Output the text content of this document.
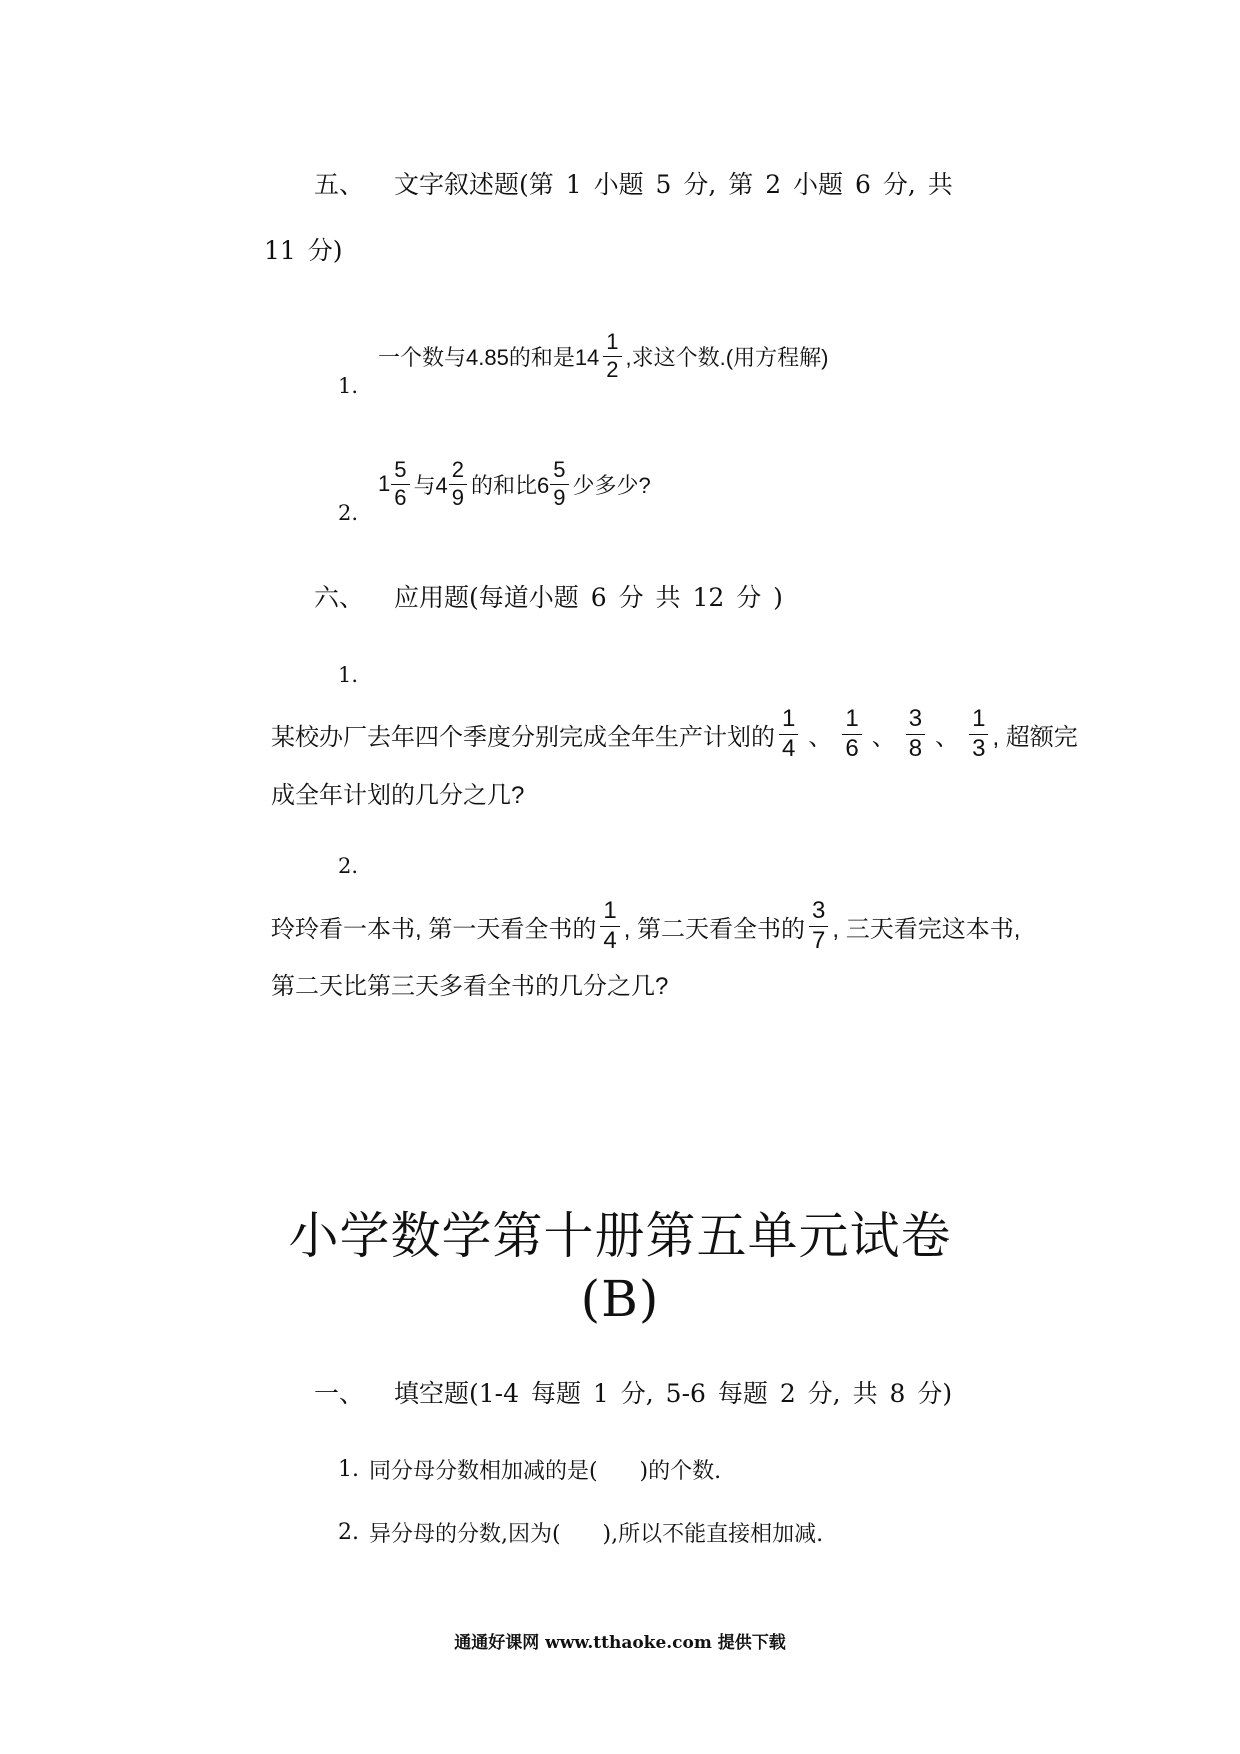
五、 文字叙述题(第 1 小题 5 分, 第 2 小题 6 分, 共
11 分)
1.
一个数与4.85的和是$14 \frac{1}{2}$ ,求这个数.(用方程解)
2.
$1 \frac{5}{6}$ 与$4 \frac{2}{9}$ 的和比$6 \frac{5}{9}$ 少多少?
六、 应用题(每道小题 6 分 共 12 分 )
1.
某校办厂去年四个季度分别完成全年生产计划的 $\frac{1}{4}$ 、 $\frac{1}{6}$ 、 $\frac{3}{8}$ 、 $\frac{1}{3}$ , 超额完
成全年计划的几分之几?
2.
玲玲看一本书, 第一天看全书的 $\frac{1}{4}$ , 第二天看全书的 $\frac{3}{7}$ , 三天看完这本书,
第二天比第三天多看全书的几分之几?
小学数学第十册第五单元试卷
(B)
一、 填空题(1-4 每题 1 分, 5-6 每题 2 分, 共 8 分)
1. 同分母分数相加减的是(      )的个数.
2. 异分母的分数,因为(      ),所以不能直接相加减.
通通好课网 www.tthaoke.com 提供下载
